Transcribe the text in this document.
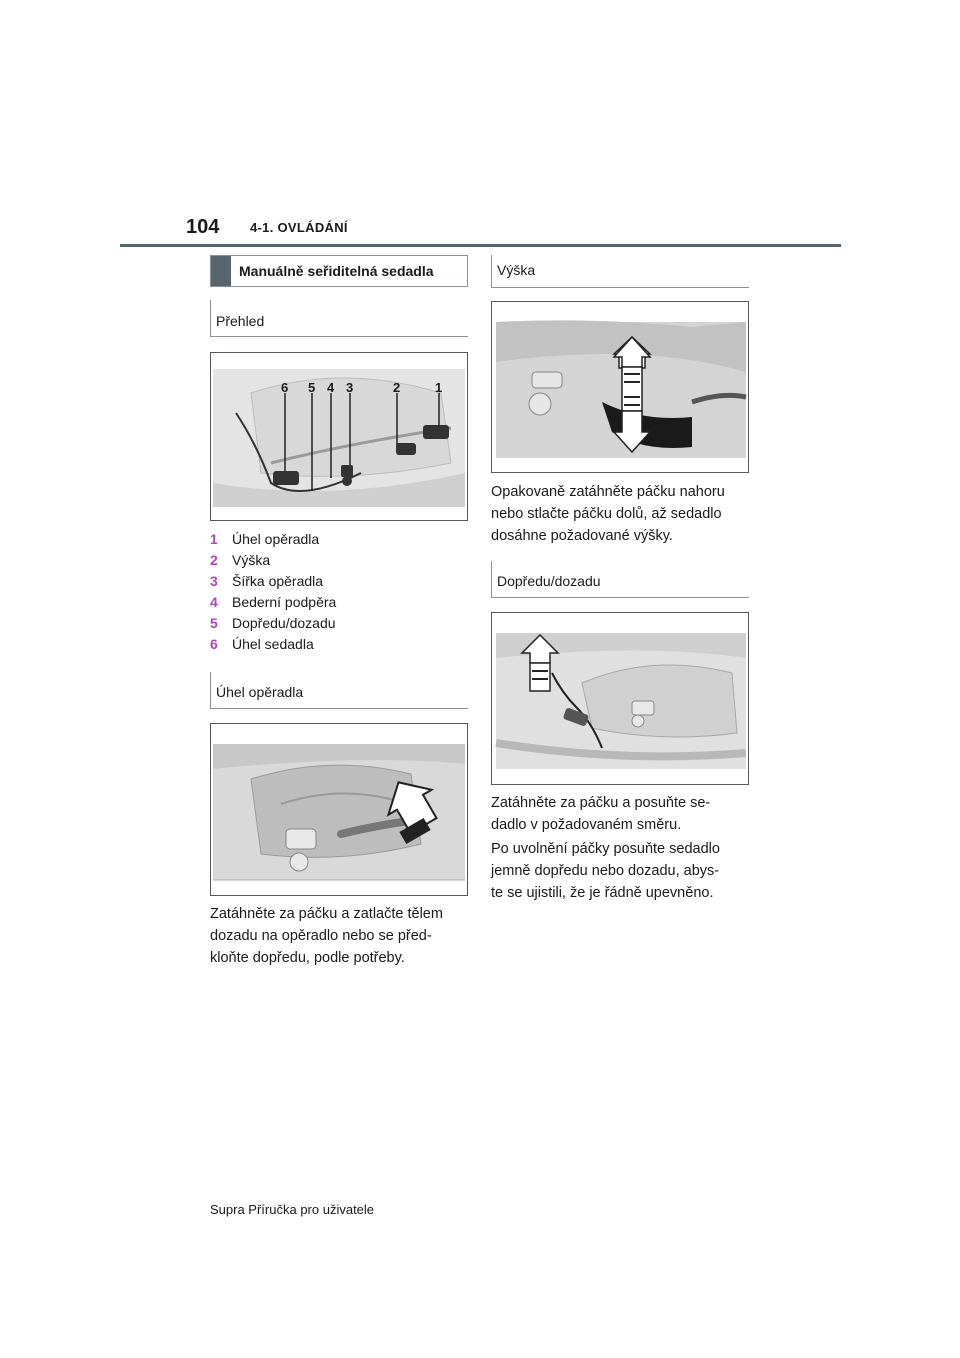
104 4-1. OVLÁDÁNÍ
Manuálně seřiditelná sedadla
Přehled
6 5 4 3	2	1
1 Úhel opěradla
2 Výška
3 Šířka opěradla
4 Bederní podpěra
5 Dopředu/dozadu
6 Úhel sedadla
Úhel opěradla
Zatáhněte za páčku a zatlačte tělem
dozadu na opěradlo nebo se před-
kloňte dopředu, podle potřeby.
Výška
Opakovaně zatáhněte páčku nahoru
nebo stlačte páčku dolů, až sedadlo
dosáhne požadované výšky.
Dopředu/dozadu
Zatáhněte za páčku a posuňte se-
dadlo v požadovaném směru.
Po uvolnění páčky posuňte sedadlo
jemně dopředu nebo dozadu, abys-
te se ujistili, že je řádně upevněno.
Supra Příručka pro uživatele
